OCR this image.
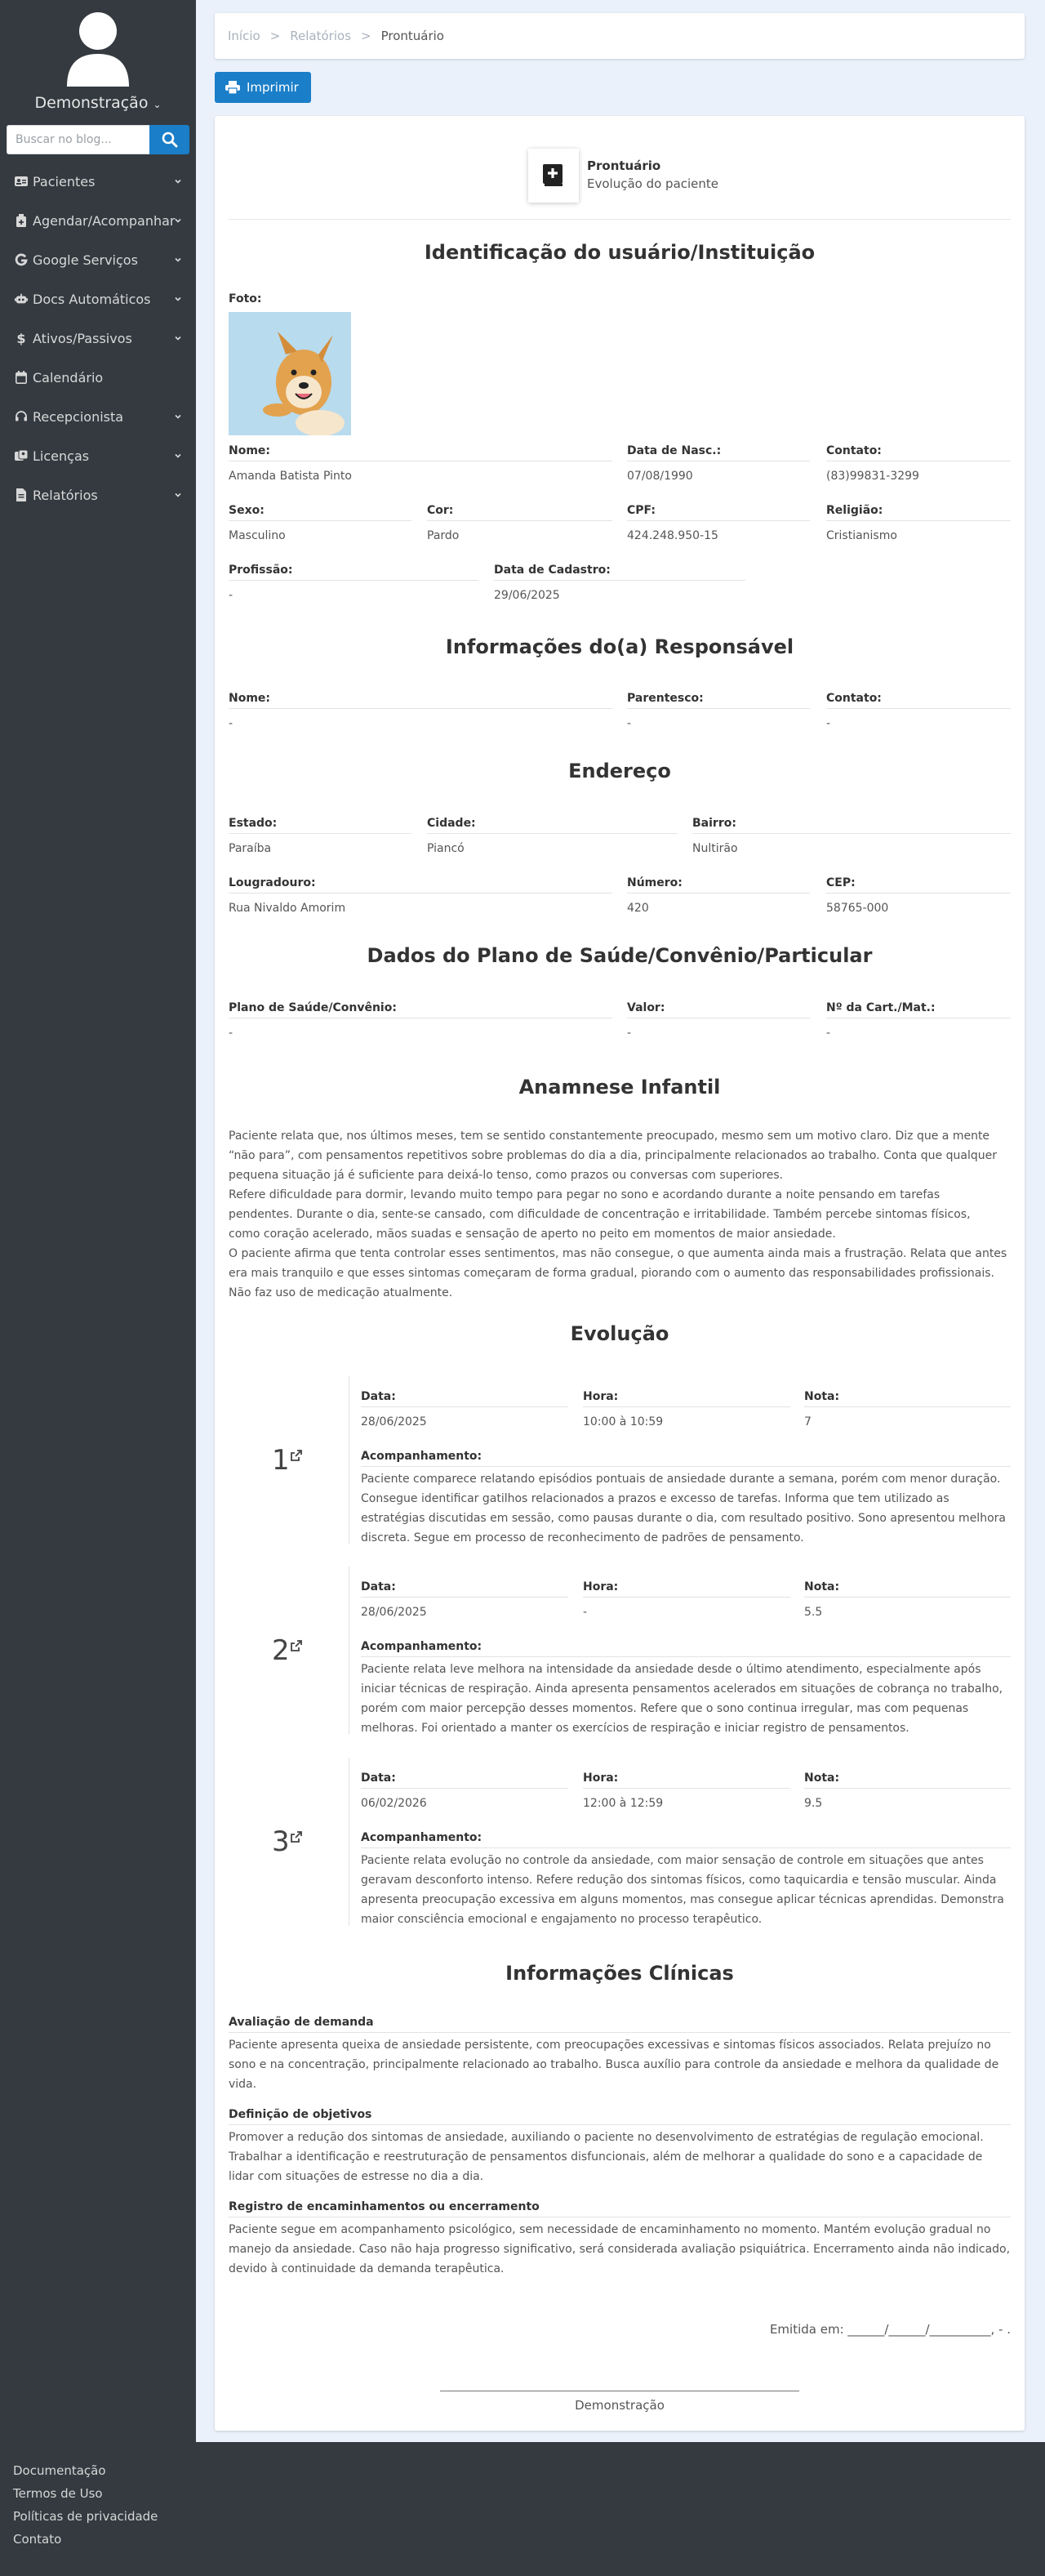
Demonstração ⌄
Buscar no blog...
Pacientes
Agendar/Acompanhar
Google Serviços
Docs Automáticos
$ Ativos/Passivos
Calendário
Recepcionista
Licenças
Relatórios
Início > Relatórios > Prontuário
Imprimir
Prontuário
Evolução do paciente
Identificação do usuário/Instituição
Foto:
Nome:
Amanda Batista Pinto
Data de Nasc.:
07/08/1990
Contato:
(83)99831-3299
Sexo:
Masculino
Cor:
Pardo
CPF:
424.248.950-15
Religião:
Cristianismo
Profissão:
-
Data de Cadastro:
29/06/2025
Informações do(a) Responsável
Nome:
-
Parentesco:
-
Contato:
-
Endereço
Estado:
Paraíba
Cidade:
Piancó
Bairro:
Nultirão
Lougradouro:
Rua Nivaldo Amorim
Número:
420
CEP:
58765-000
Dados do Plano de Saúde/Convênio/Particular
Plano de Saúde/Convênio:
-
Valor:
-
Nº da Cart./Mat.:
-
Anamnese Infantil
Paciente relata que, nos últimos meses, tem se sentido constantemente preocupado, mesmo sem um motivo claro. Diz que a mente
“não para”, com pensamentos repetitivos sobre problemas do dia a dia, principalmente relacionados ao trabalho. Conta que qualquer
pequena situação já é suficiente para deixá-lo tenso, como prazos ou conversas com superiores.
Refere dificuldade para dormir, levando muito tempo para pegar no sono e acordando durante a noite pensando em tarefas
pendentes. Durante o dia, sente-se cansado, com dificuldade de concentração e irritabilidade. Também percebe sintomas físicos,
como coração acelerado, mãos suadas e sensação de aperto no peito em momentos de maior ansiedade.
O paciente afirma que tenta controlar esses sentimentos, mas não consegue, o que aumenta ainda mais a frustração. Relata que antes
era mais tranquilo e que esses sintomas começaram de forma gradual, piorando com o aumento das responsabilidades profissionais.
Não faz uso de medicação atualmente.
Evolução
1
Data:
28/06/2025
Hora:
10:00 à 10:59
Nota:
7
Acompanhamento:
Paciente comparece relatando episódios pontuais de ansiedade durante a semana, porém com menor duração.
Consegue identificar gatilhos relacionados a prazos e excesso de tarefas. Informa que tem utilizado as
estratégias discutidas em sessão, como pausas durante o dia, com resultado positivo. Sono apresentou melhora
discreta. Segue em processo de reconhecimento de padrões de pensamento.
2
Data:
28/06/2025
Hora:
-
Nota:
5.5
Acompanhamento:
Paciente relata leve melhora na intensidade da ansiedade desde o último atendimento, especialmente após
iniciar técnicas de respiração. Ainda apresenta pensamentos acelerados em situações de cobrança no trabalho,
porém com maior percepção desses momentos. Refere que o sono continua irregular, mas com pequenas
melhoras. Foi orientado a manter os exercícios de respiração e iniciar registro de pensamentos.
3
Data:
06/02/2026
Hora:
12:00 à 12:59
Nota:
9.5
Acompanhamento:
Paciente relata evolução no controle da ansiedade, com maior sensação de controle em situações que antes
geravam desconforto intenso. Refere redução dos sintomas físicos, como taquicardia e tensão muscular. Ainda
apresenta preocupação excessiva em alguns momentos, mas consegue aplicar técnicas aprendidas. Demonstra
maior consciência emocional e engajamento no processo terapêutico.
Informações Clínicas
Avaliação de demanda
Paciente apresenta queixa de ansiedade persistente, com preocupações excessivas e sintomas físicos associados. Relata prejuízo no
sono e na concentração, principalmente relacionado ao trabalho. Busca auxílio para controle da ansiedade e melhora da qualidade de
vida.
Definição de objetivos
Promover a redução dos sintomas de ansiedade, auxiliando o paciente no desenvolvimento de estratégias de regulação emocional.
Trabalhar a identificação e reestruturação de pensamentos disfuncionais, além de melhorar a qualidade do sono e a capacidade de
lidar com situações de estresse no dia a dia.
Registro de encaminhamentos ou encerramento
Paciente segue em acompanhamento psicológico, sem necessidade de encaminhamento no momento. Mantém evolução gradual no
manejo da ansiedade. Caso não haja progresso significativo, será considerada avaliação psiquiátrica. Encerramento ainda não indicado,
devido à continuidade da demanda terapêutica.
Emitida em: ______/______/__________, - .
Demonstração
Documentação
Termos de Uso
Políticas de privacidade
Contato
